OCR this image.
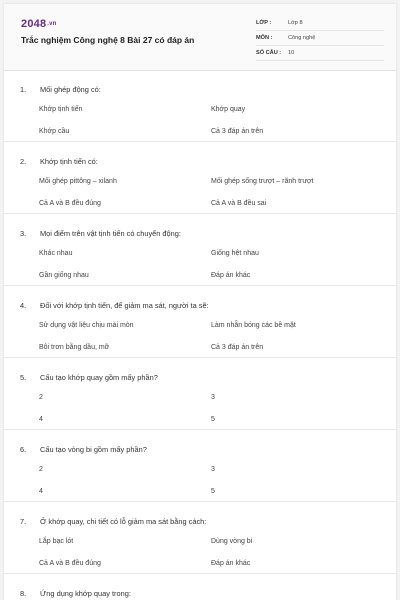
2048.vn
Trắc nghiệm Công nghệ 8 Bài 27 có đáp án
LỚP :	Lớp 8
MÔN :	Công nghệ
SỐ CÂU :	10
1.	Mối ghép động có:
Khớp tịnh tiến	Khớp quay
Khớp cầu	Cả 3 đáp án trên
2.	Khớp tịnh tiến có:
Mối ghép pittông – xilanh	Mối ghép sống trượt – rãnh trượt
Cả A và B đều đúng	Cả A và B đều sai
3.	Mọi điểm trên vật tịnh tiến có chuyển động:
Khác nhau	Giống hệt nhau
Gần giống nhau	Đáp án khác
4.	Đối với khớp tịnh tiến, để giảm ma sát, người ta sẽ:
Sử dụng vật liệu chịu mài mòn	Làm nhẵn bóng các bề mặt
Bôi trơn bằng dầu, mỡ	Cả 3 đáp án trên
5.	Cấu tạo khớp quay gồm mấy phần?
2	3
4	5
6.	Cấu tạo vòng bi gồm mấy phần?
2	3
4	5
7.	Ở khớp quay, chi tiết có lỗ giảm ma sát bằng cách:
Lắp bạc lót	Dùng vòng bi
Cả A và B đều đúng	Đáp án khác
8.	Ứng dụng khớp quay trong:
